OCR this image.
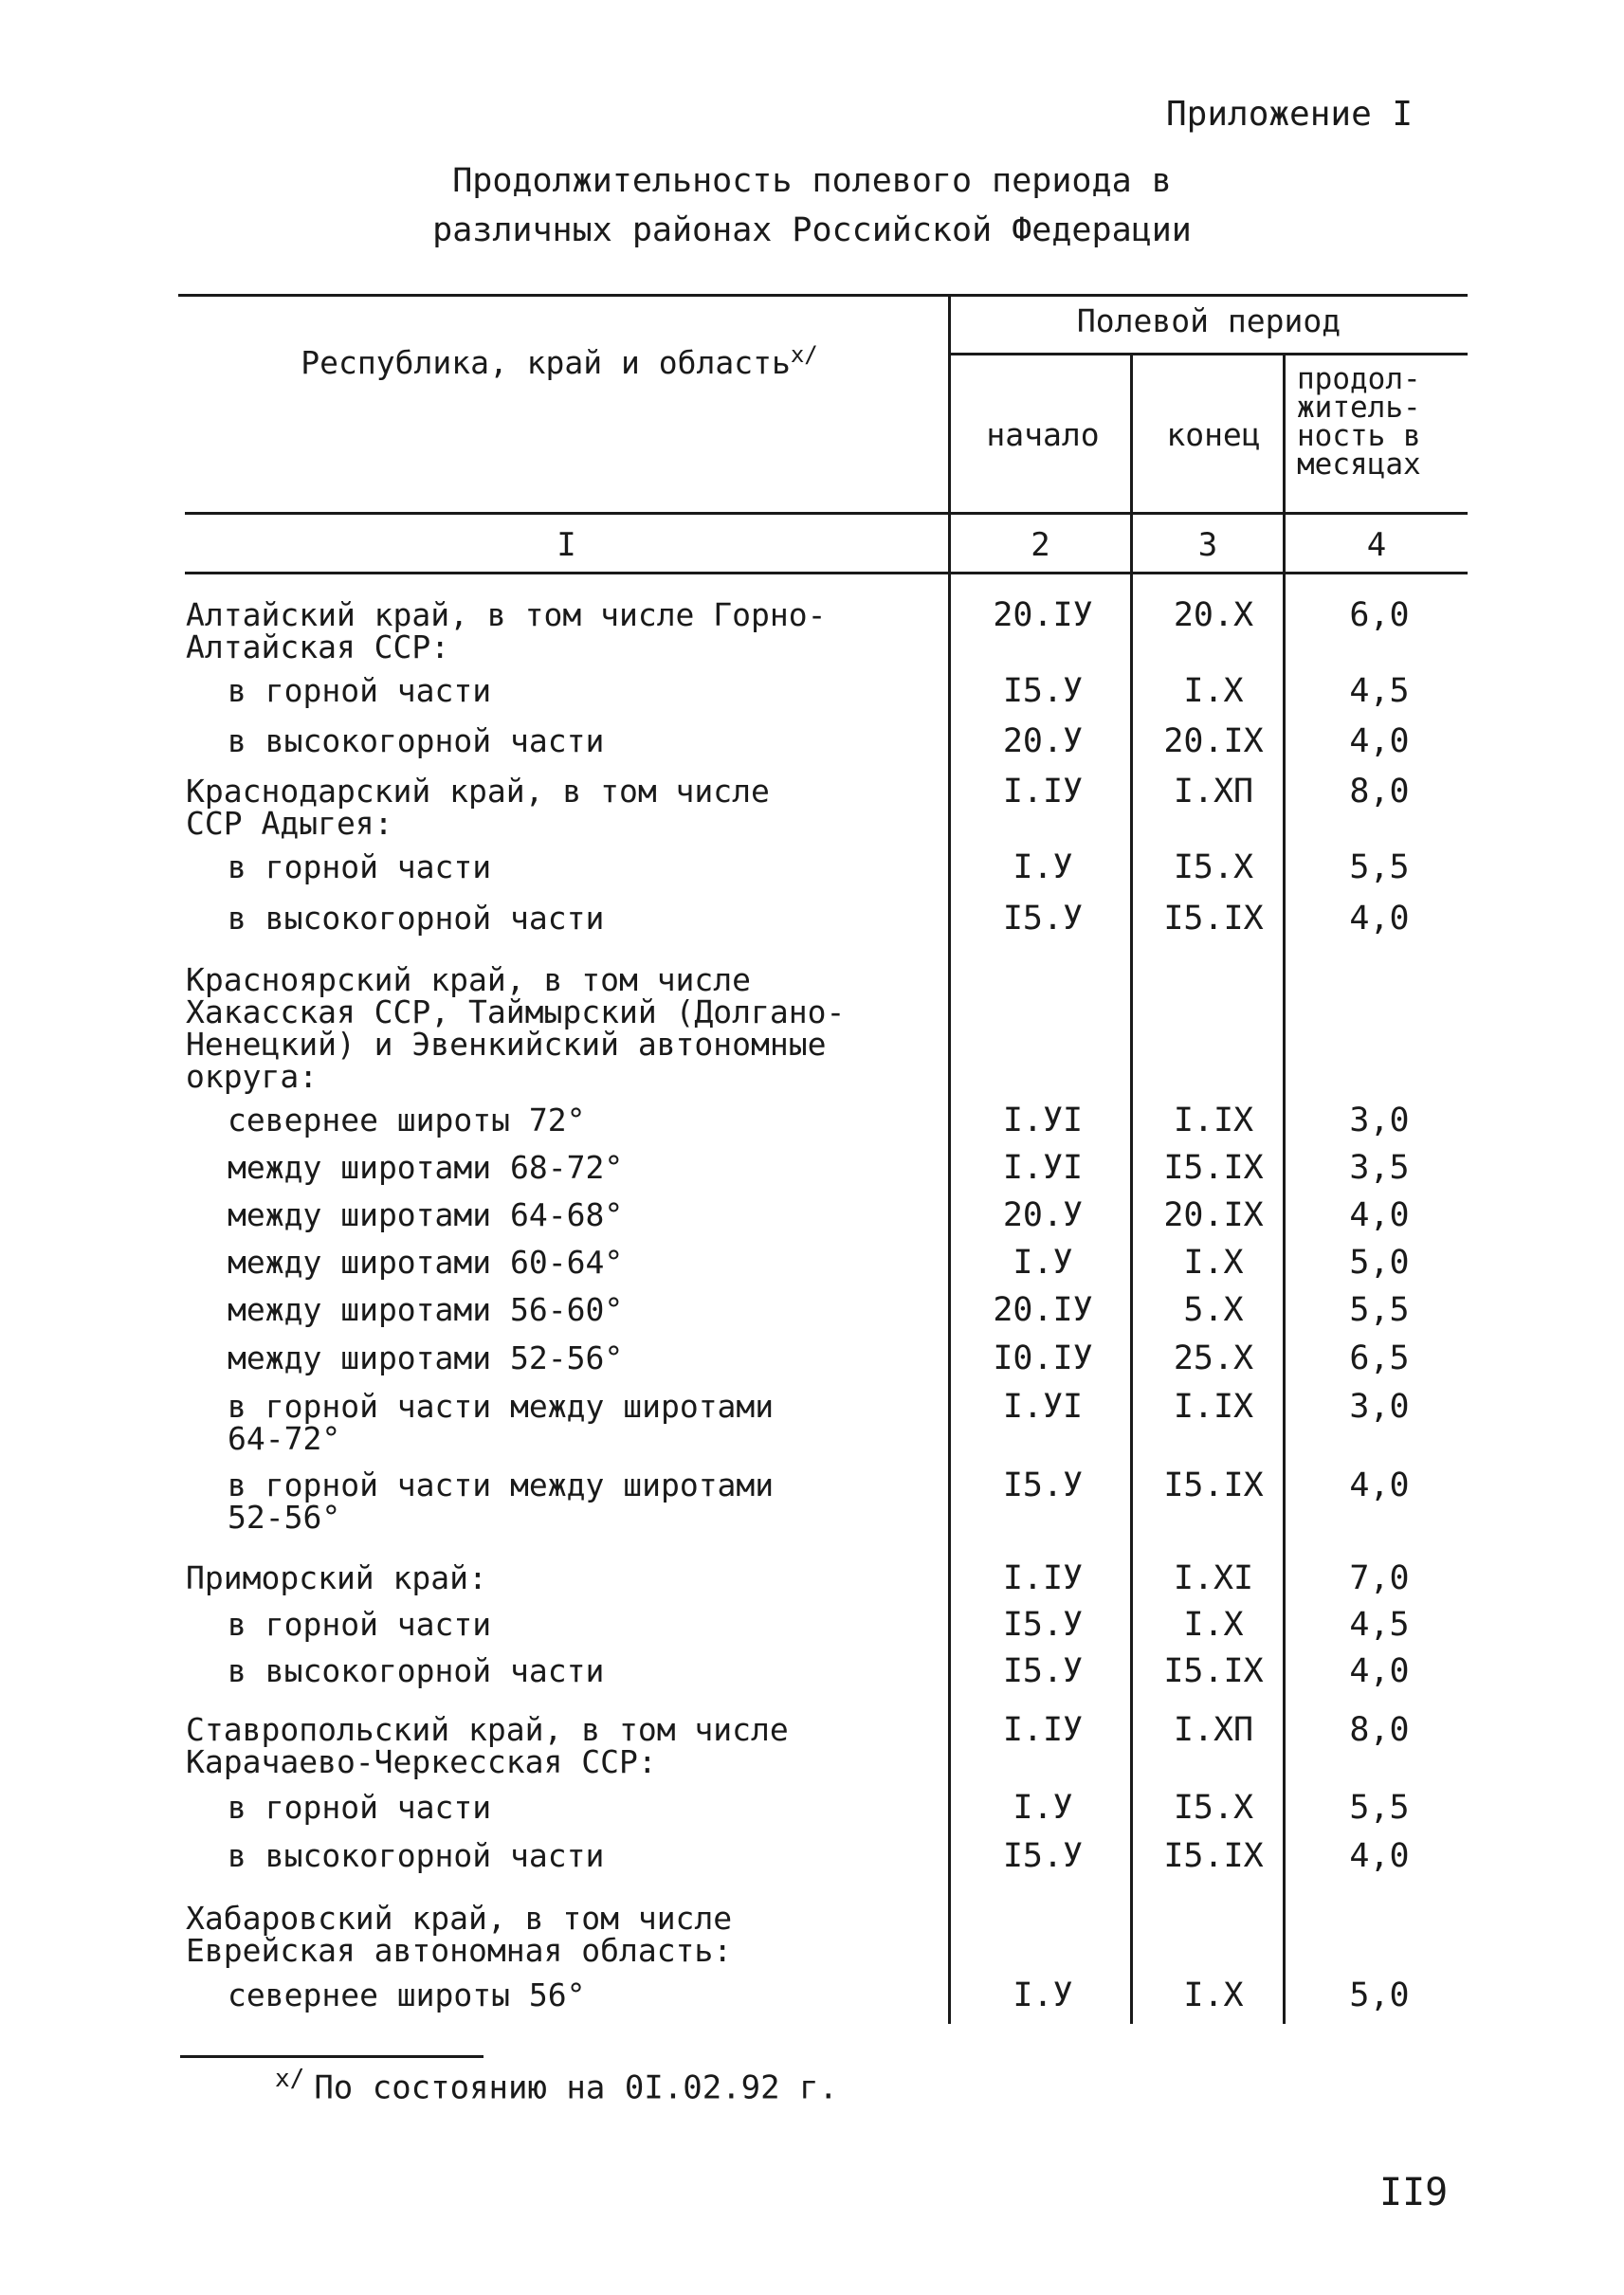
Приложение I
Продолжительность полевого периода в
различных районах Российской Федерации
Республика, край и область$^{x/}$
Полевой период
начало	конец
продол-
житель-
ность в
месяцах
I	2	3	4
Алтайский край, в том числе Горно-
Алтайская ССР:
20.IУ	20.X	6,0
в горной части	I5.У	I.X	4,5
в высокогорной части	20.У	20.IX	4,0
Краснодарский край, в том числе
ССР Адыгея:
I.IУ	I.XП	8,0
в горной части	I.У	I5.X	5,5
в высокогорной части	I5.У	I5.IX	4,0
Красноярский край, в том числе
Хакасская ССР, Таймырский (Долгано-
Ненецкий) и Эвенкийский автономные
округа:
севернее широты 72°	I.УI	I.IX	3,0
между широтами 68-72°	I.УI	I5.IX	3,5
между широтами 64-68°	20.У	20.IX	4,0
между широтами 60-64°	I.У	I.X	5,0
между широтами 56-60°	20.IУ	5.X	5,5
между широтами 52-56°	I0.IУ	25.X	6,5
в горной части между широтами
64-72°
I.УI	I.IX	3,0
в горной части между широтами
52-56°
I5.У	I5.IX	4,0
Приморский край:	I.IУ	I.XI	7,0
в горной части	I5.У	I.X	4,5
в высокогорной части	I5.У	I5.IX	4,0
Ставропольский край, в том числе
Карачаево-Черкесская ССР:
I.IУ	I.XП	8,0
в горной части	I.У	I5.X	5,5
в высокогорной части	I5.У	I5.IX	4,0
Хабаровский край, в том числе
Еврейская автономная область:
севернее широты 56°	I.У	I.X	5,0
$^{x/}$ По состоянию на 0I.02.92 г.
II9
